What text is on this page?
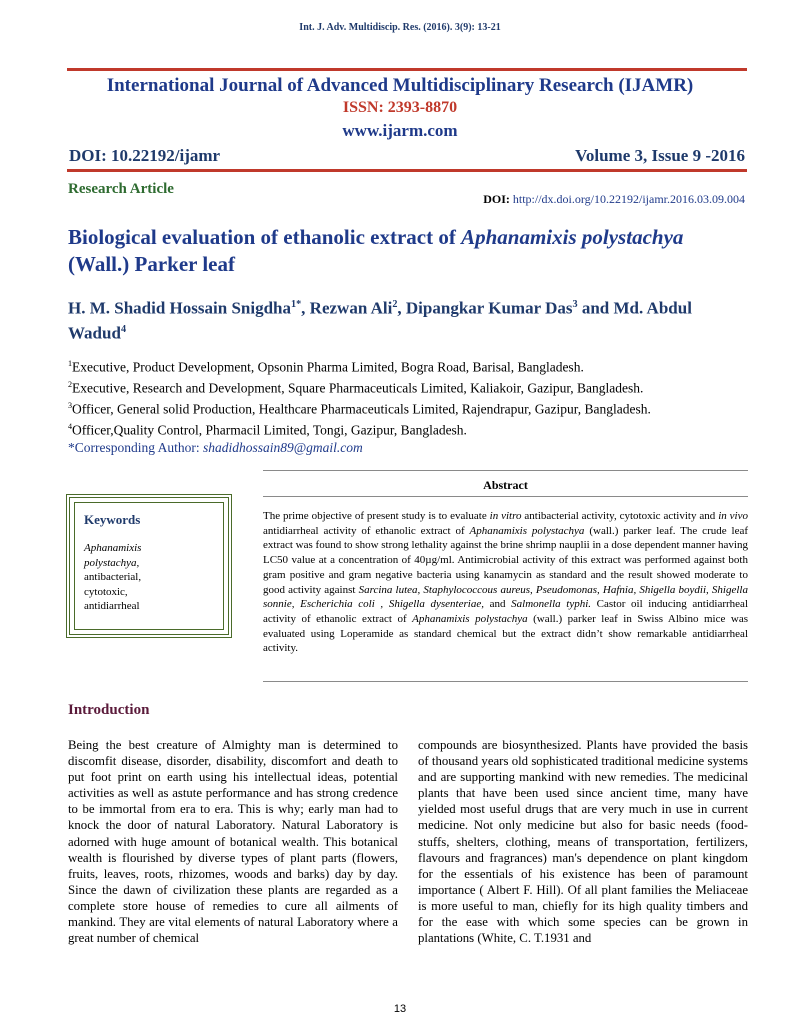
Int. J. Adv. Multidiscip. Res. (2016). 3(9): 13-21
International Journal of Advanced Multidisciplinary Research (IJAMR)
ISSN: 2393-8870
www.ijarm.com
DOI: 10.22192/ijamr	Volume 3, Issue 9 -2016
Research Article
DOI: http://dx.doi.org/10.22192/ijamr.2016.03.09.004
Biological evaluation of ethanolic extract of Aphanamixis polystachya (Wall.) Parker leaf
H. M. Shadid Hossain Snigdha$^{1*}$, Rezwan Ali$^2$, Dipangkar Kumar Das$^3$ and Md. Abdul Wadud$^4$
$^1$Executive, Product Development, Opsonin Pharma Limited, Bogra Road, Barisal, Bangladesh.
$^2$Executive, Research and Development, Square Pharmaceuticals Limited, Kaliakoir, Gazipur, Bangladesh.
$^3$Officer, General solid Production, Healthcare Pharmaceuticals Limited, Rajendrapur, Gazipur, Bangladesh.
$^4$Officer,Quality Control, Pharmacil Limited, Tongi, Gazipur, Bangladesh.
*Corresponding Author: shadidhossain89@gmail.com
Abstract
Keywords
Aphanamixis
polystachya,
antibacterial,
cytotoxic,
antidiarrheal
The prime objective of present study is to evaluate in vitro antibacterial activity, cytotoxic activity and in vivo antidiarrheal activity of ethanolic extract of Aphanamixis polystachya (wall.) parker leaf. The crude leaf extract was found to show strong lethality against the brine shrimp nauplii in a dose dependent manner having LC50 value at a concentration of 40µg/ml. Antimicrobial activity of this extract was performed against both gram positive and gram negative bacteria using kanamycin as standard and the result showed moderate to good activity against Sarcina lutea, Staphylococcous aureus, Pseudomonas, Hafnia, Shigella boydii, Shigella sonnie, Escherichia coli , Shigella dysenteriae, and Salmonella typhi. Castor oil inducing antidiarrheal activity of ethanolic extract of Aphanamixis polystachya (wall.) parker leaf in Swiss Albino mice was evaluated using Loperamide as standard chemical but the extract didn’t show remarkable antidiarrheal activity.
Introduction
Being the best creature of Almighty man is determined to discomfit disease, disorder, disability, discomfort and death to put foot print on earth using his intellectual ideas, potential activities as well as astute performance and has strong credence to be immortal from era to era. This is why; early man had to knock the door of natural Laboratory. Natural Laboratory is adorned with huge amount of botanical wealth. This botanical wealth is flourished by diverse types of plant parts (flowers, fruits, leaves, roots, rhizomes, woods and barks) day by day. Since the dawn of civilization these plants are regarded as a complete store house of remedies to cure all ailments of mankind. They are vital elements of natural Laboratory where a great number of chemical
compounds are biosynthesized. Plants have provided the basis of thousand years old sophisticated traditional medicine systems and are supporting mankind with new remedies. The medicinal plants that have been used since ancient time, many have yielded most useful drugs that are very much in use in current medicine. Not only medicine but also for basic needs (food-stuffs, shelters, clothing, means of transportation, fertilizers, flavours and fragrances) man's dependence on plant kingdom for the essentials of his existence has been of paramount importance ( Albert F. Hill). Of all plant families the Meliaceae is more useful to man, chiefly for its high quality timbers and for the ease with which some species can be grown in plantations (White, C. T.1931 and
13
